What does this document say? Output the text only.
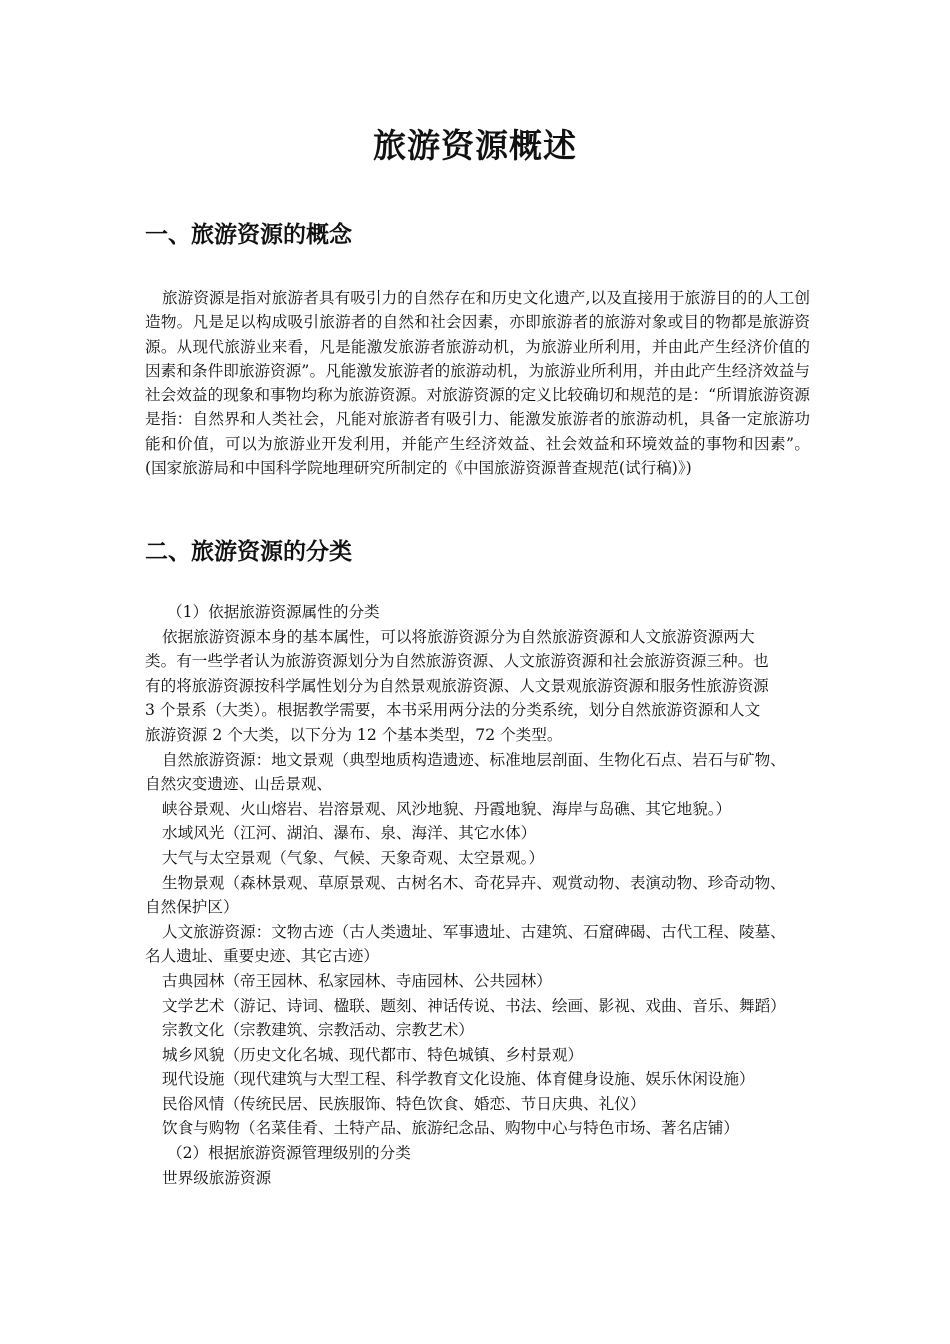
旅游资源概述
一、旅游资源的概念

旅游资源是指对旅游者具有吸引力的自然存在和历史文化遗产,以及直接用于旅游目的的人工创造物。凡是足以构成吸引旅游者的自然和社会因素，亦即旅游者的旅游对象或目的物都是旅游资源。从现代旅游业来看，凡是能激发旅游者旅游动机，为旅游业所利用，并由此产生经济价值的因素和条件即旅游资源”。凡能激发旅游者的旅游动机，为旅游业所利用，并由此产生经济效益与社会效益的现象和事物均称为旅游资源。对旅游资源的定义比较确切和规范的是：“所谓旅游资源是指：自然界和人类社会，凡能对旅游者有吸引力、能激发旅游者的旅游动机，具备一定旅游功能和价值，可以为旅游业开发利用，并能产生经济效益、社会效益和环境效益的事物和因素”。(国家旅游局和中国科学院地理研究所制定的《中国旅游资源普查规范(试行稿)》)

二、旅游资源的分类
（1）依据旅游资源属性的分类
依据旅游资源本身的基本属性，可以将旅游资源分为自然旅游资源和人文旅游资源两大
类。有一些学者认为旅游资源划分为自然旅游资源、人文旅游资源和社会旅游资源三种。也
有的将旅游资源按科学属性划分为自然景观旅游资源、人文景观旅游资源和服务性旅游资源
3 个景系（大类）。根据教学需要，本书采用两分法的分类系统，划分自然旅游资源和人文
旅游资源 2 个大类，以下分为 12 个基本类型，72 个类型。
自然旅游资源：地文景观（典型地质构造遗迹、标准地层剖面、生物化石点、岩石与矿物、
自然灾变遗迹、山岳景观、
峡谷景观、火山熔岩、岩溶景观、风沙地貌、丹霞地貌、海岸与岛礁、其它地貌。）
水域风光（江河、湖泊、瀑布、泉、海洋、其它水体）
大气与太空景观（气象、气候、天象奇观、太空景观。）
生物景观（森林景观、草原景观、古树名木、奇花异卉、观赏动物、表演动物、珍奇动物、
自然保护区）
人文旅游资源：文物古迹（古人类遗址、军事遗址、古建筑、石窟碑碣、古代工程、陵墓、
名人遗址、重要史迹、其它古迹）
古典园林（帝王园林、私家园林、寺庙园林、公共园林）
文学艺术（游记、诗词、楹联、题刻、神话传说、书法、绘画、影视、戏曲、音乐、舞蹈）
宗教文化（宗教建筑、宗教活动、宗教艺术）
城乡风貌（历史文化名城、现代都市、特色城镇、乡村景观）
现代设施（现代建筑与大型工程、科学教育文化设施、体育健身设施、娱乐休闲设施）
民俗风情（传统民居、民族服饰、特色饮食、婚恋、节日庆典、礼仪）
饮食与购物（名菜佳肴、土特产品、旅游纪念品、购物中心与特色市场、著名店铺）
（2）根据旅游资源管理级别的分类
世界级旅游资源
